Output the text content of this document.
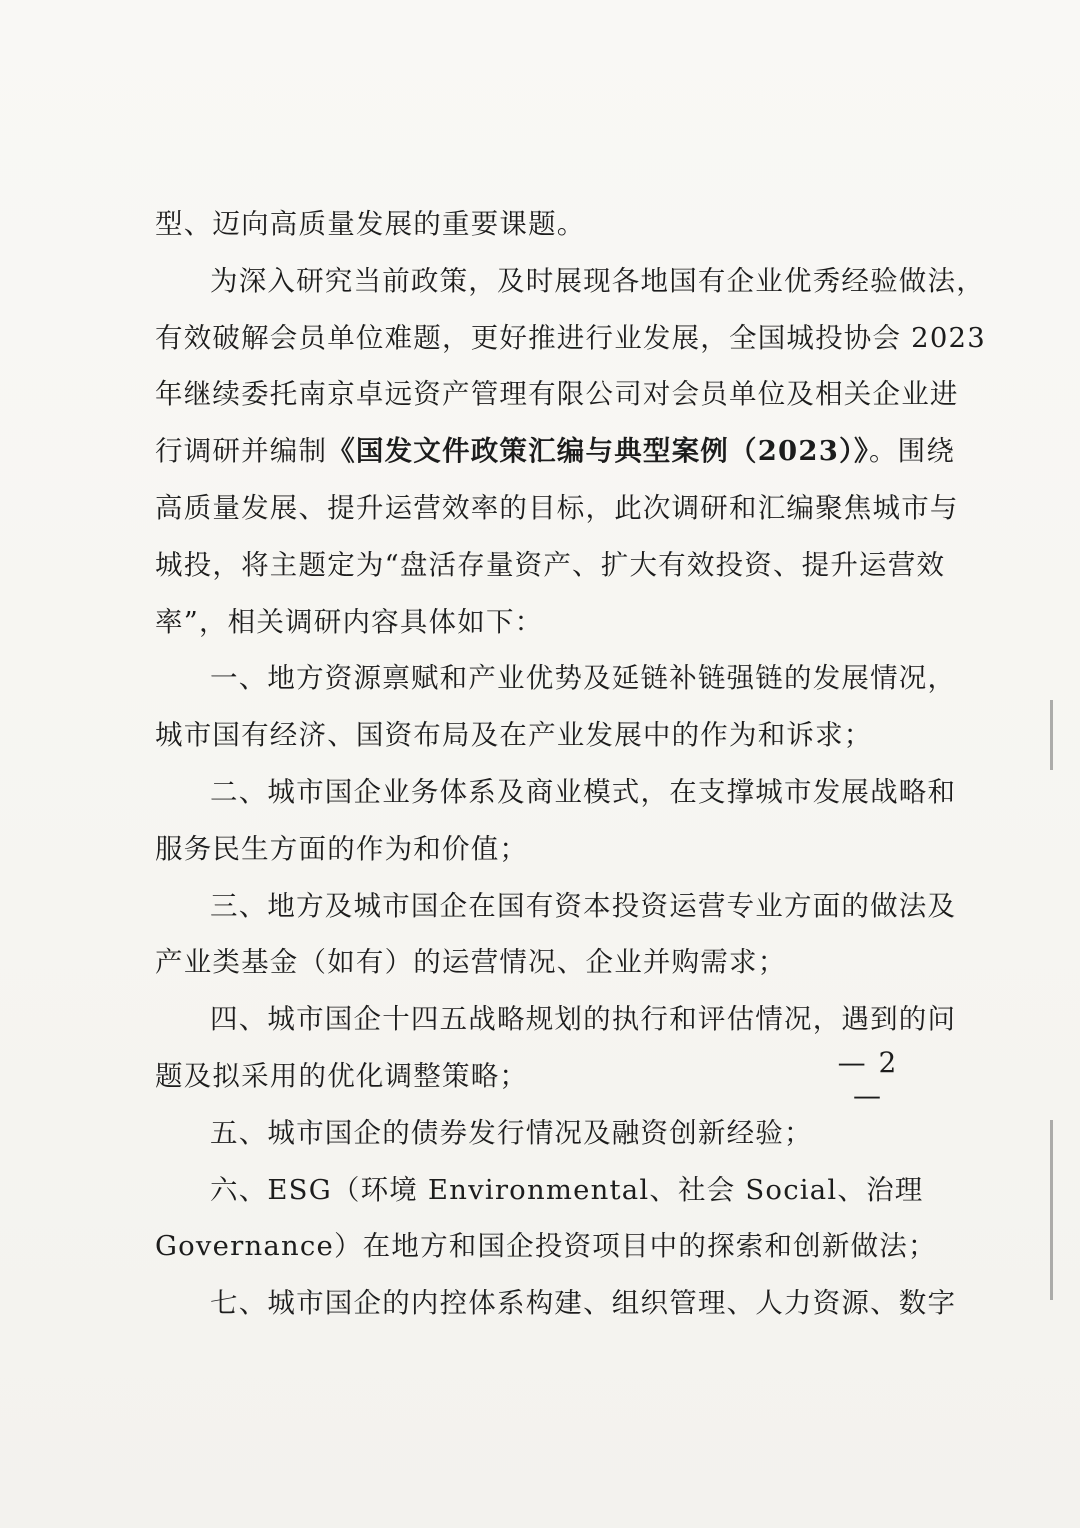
型、迈向高质量发展的重要课题。
为深入研究当前政策，及时展现各地国有企业优秀经验做法，
有效破解会员单位难题，更好推进行业发展，全国城投协会 2023
年继续委托南京卓远资产管理有限公司对会员单位及相关企业进
行调研并编制《国发文件政策汇编与典型案例（2023）》。围绕
高质量发展、提升运营效率的目标，此次调研和汇编聚焦城市与
城投，将主题定为“盘活存量资产、扩大有效投资、提升运营效
率”，相关调研内容具体如下：
一、地方资源禀赋和产业优势及延链补链强链的发展情况，
城市国有经济、国资布局及在产业发展中的作为和诉求；
二、城市国企业务体系及商业模式，在支撑城市发展战略和
服务民生方面的作为和价值；
三、地方及城市国企在国有资本投资运营专业方面的做法及
产业类基金（如有）的运营情况、企业并购需求；
四、城市国企十四五战略规划的执行和评估情况，遇到的问
题及拟采用的优化调整策略；
五、城市国企的债券发行情况及融资创新经验；
六、ESG（环境 Environmental、社会 Social、治理
Governance）在地方和国企投资项目中的探索和创新做法；
七、城市国企的内控体系构建、组织管理、人力资源、数字
— 2 —
